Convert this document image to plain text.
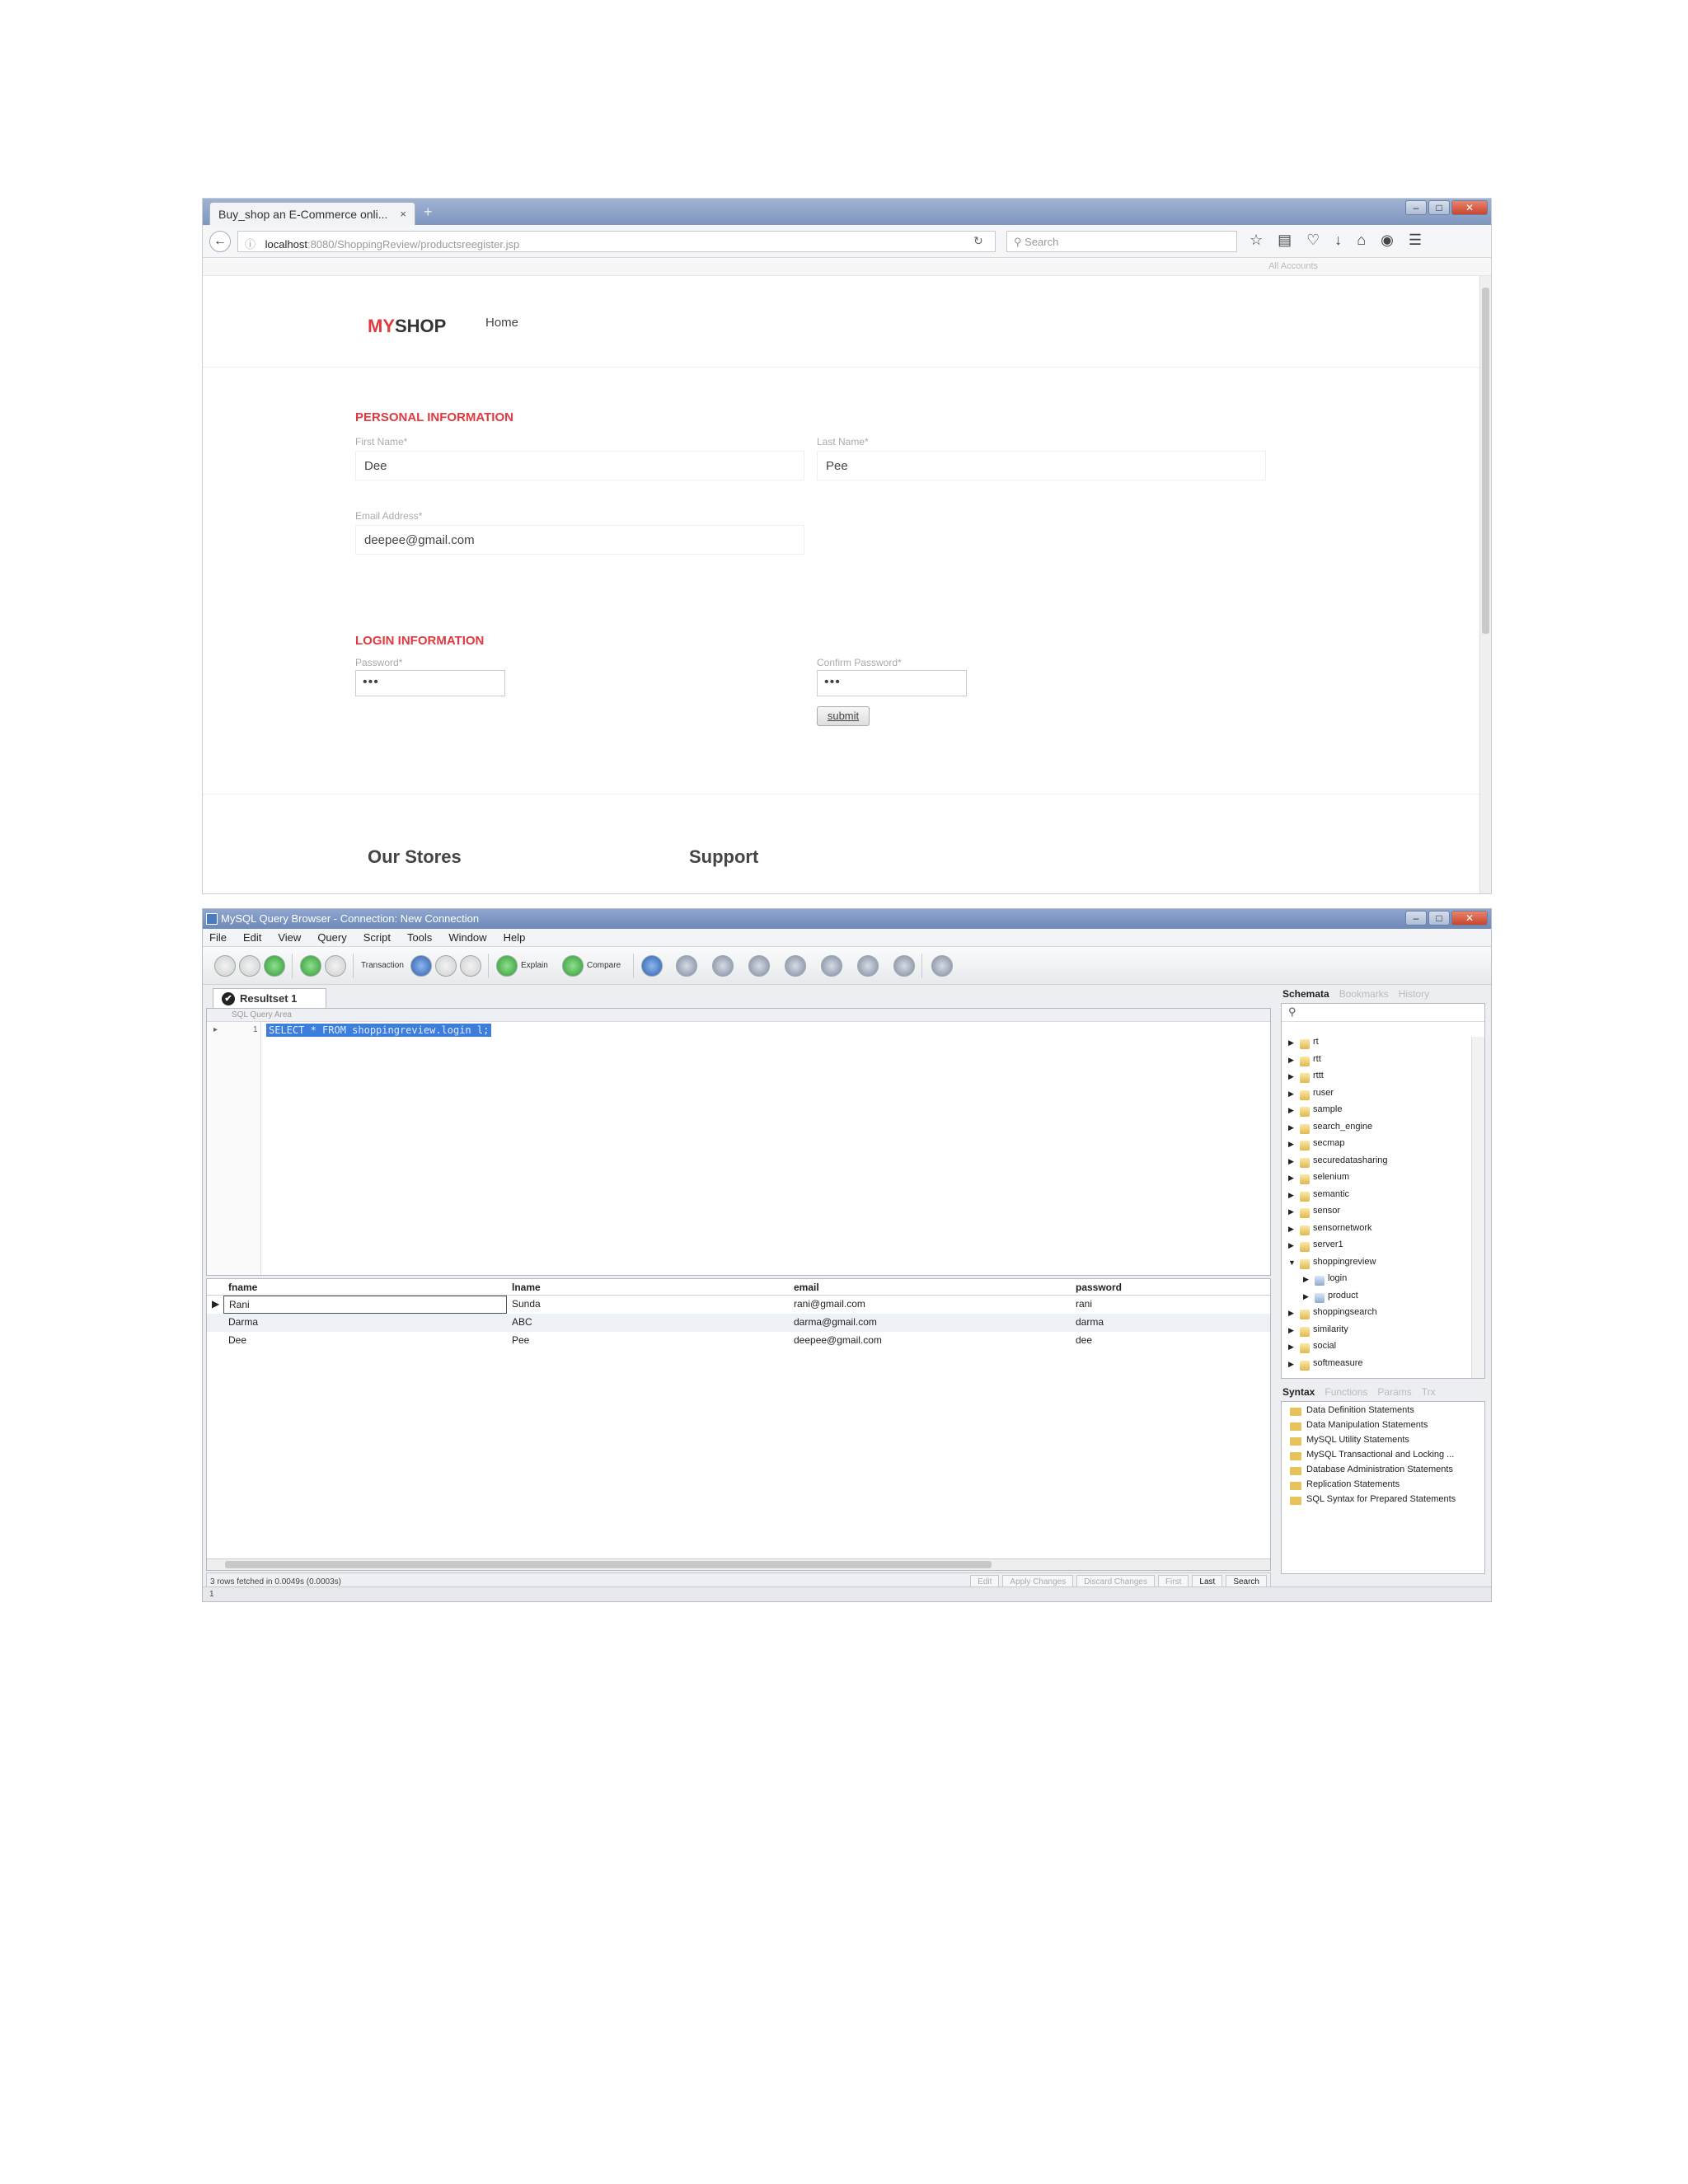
Buy_shop an E-Commerce onli... × +	–	□	✕
←	ⓘ localhost:8080/ShoppingReview/productsreegister.jsp	↻	⚲ Search	☆ ▤ ♡ ↓ ⌂ ◉ ☰
All Accounts
MYSHOP	Home
PERSONAL INFORMATION
First Name*
Dee
Last Name*
Pee
Email Address*
deepee@gmail.com
LOGIN INFORMATION
Password*
•••
Confirm Password*
•••
submit
Our Stores	Support
MySQL Query Browser - Connection: New Connection	–	□	✕
File Edit View Query Script Tools Window Help
Transaction	Explain	Compare
✔ Resultset 1
SQL Query Area
▸	1 SELECT * FROM shoppingreview.login l;
fname	lname	email	password
▶ Rani	Sunda	rani@gmail.com	rani
Darma	ABC	darma@gmail.com	darma
Dee	Pee	deepee@gmail.com	dee
3 rows fetched in 0.0049s (0.0003s)	Edit	Apply Changes	Discard Changes	First	Last	Search
Schemata Bookmarks History
⚲
▶ rt
▶ rtt
▶ rttt
▶ ruser
▶ sample
▶ search_engine
▶ secmap
▶ securedatasharing
▶ selenium
▶ semantic
▶ sensor
▶ sensornetwork
▶ server1
▼ shoppingreview
▶ login
▶ product
▶ shoppingsearch
▶ similarity
▶ social
▶ softmeasure
Syntax Functions Params Trx
Data Definition Statements
Data Manipulation Statements
MySQL Utility Statements
MySQL Transactional and Locking ...
Database Administration Statements
Replication Statements
SQL Syntax for Prepared Statements
1
